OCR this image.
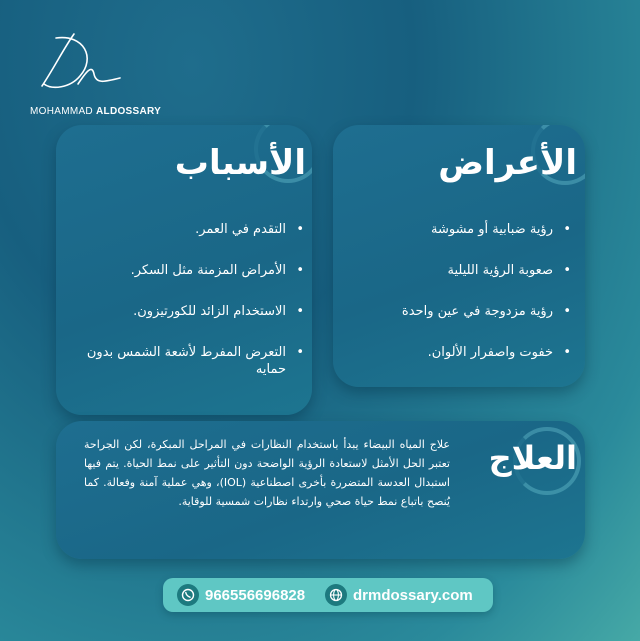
MOHAMMAD ALDOSSARY
الأعراض
• رؤية ضبابية أو مشوشة
• صعوبة الرؤية الليلية
• رؤية مزدوجة في عين واحدة
• خفوت واصفرار الألوان.
الأسباب
• التقدم في العمر.
• الأمراض المزمنة مثل السكر.
• الاستخدام الزائد للكورتيزون.
• التعرض المفرط لأشعة الشمس بدون حمايه
العلاج

علاج المياه البيضاء يبدأ باستخدام النظارات في المراحل المبكرة، لكن الجراحة تعتبر الحل الأمثل لاستعادة الرؤية الواضحة دون التأثير على نمط الحياة. يتم فيها استبدال العدسة المتضررة بأخرى اصطناعية (IOL)، وهي عملية آمنة وفعالة. كما يُنصح باتباع نمط حياة صحي وارتداء نظارات شمسية للوقاية.

966556696828	drmdossary.com
